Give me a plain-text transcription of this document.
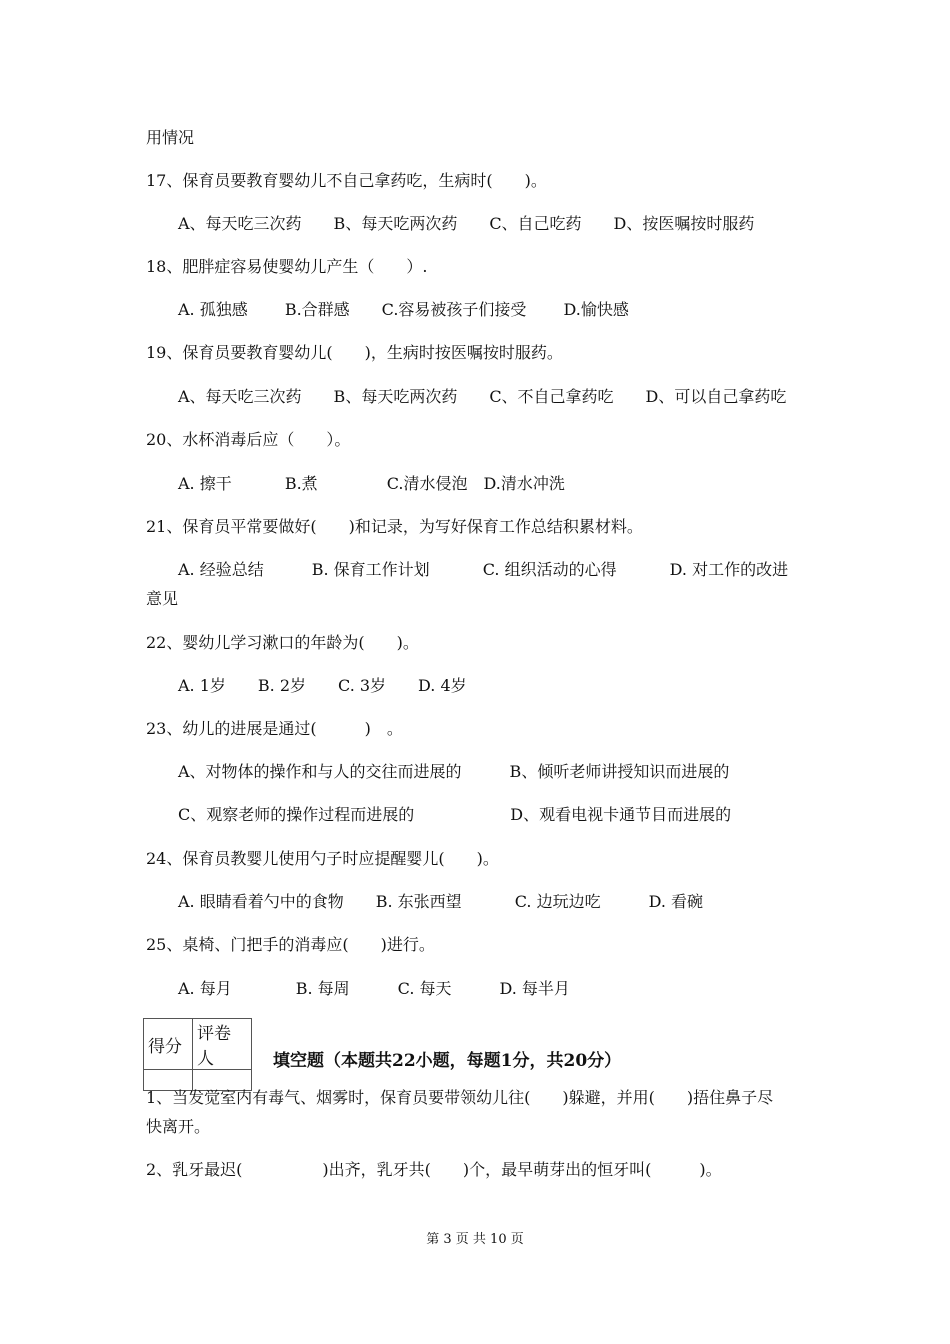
用情况
17、保育员要教育婴幼儿不自己拿药吃，生病时(　　)。
A、每天吃三次药　　B、每天吃两次药　　C、自己吃药　　D、按医嘱按时服药
18、肥胖症容易使婴幼儿产生（　　）.
A. 孤独感　　 B.合群感　　C.容易被孩子们接受　　 D.愉快感
19、保育员要教育婴幼儿(　　)，生病时按医嘱按时服药。
A、每天吃三次药　　B、每天吃两次药　　C、不自己拿药吃　　D、可以自己拿药吃
20、水杯消毒后应（　　）。
A. 擦干　　　 B.煮　　　　 C.清水侵泡　D.清水冲洗
21、保育员平常要做好(　　)和记录，为写好保育工作总结积累材料。
A. 经验总结　　　B. 保育工作计划　　　 C. 组织活动的心得　　　 D. 对工作的改进
意见
22、婴幼儿学习漱口的年龄为(　　)。
A. 1岁　　B. 2岁　　C. 3岁　　D. 4岁
23、幼儿的进展是通过(　　　)　。
A、对物体的操作和与人的交往而进展的　　　B、倾听老师讲授知识而进展的
C、观察老师的操作过程而进展的　　　　　　D、观看电视卡通节目而进展的
24、保育员教婴儿使用勺子时应提醒婴儿(　　)。
A. 眼睛看着勺中的食物　　B. 东张西望　　　 C. 边玩边吃　　　D. 看碗
25、桌椅、门把手的消毒应(　　)进行。
A. 每月　　　　B. 每周　　　C. 每天　　　D. 每半月
得分	评卷人
		填空题（本题共22小题，每题1分，共20分）
1、当发觉室内有毒气、烟雾时，保育员要带领幼儿往(　　)躲避，并用(　　)捂住鼻子尽
快离开。
2、乳牙最迟(　　　　　)出齐，乳牙共(　　)个，最早萌芽出的恒牙叫(　　　)。
第 3 页 共 10 页
